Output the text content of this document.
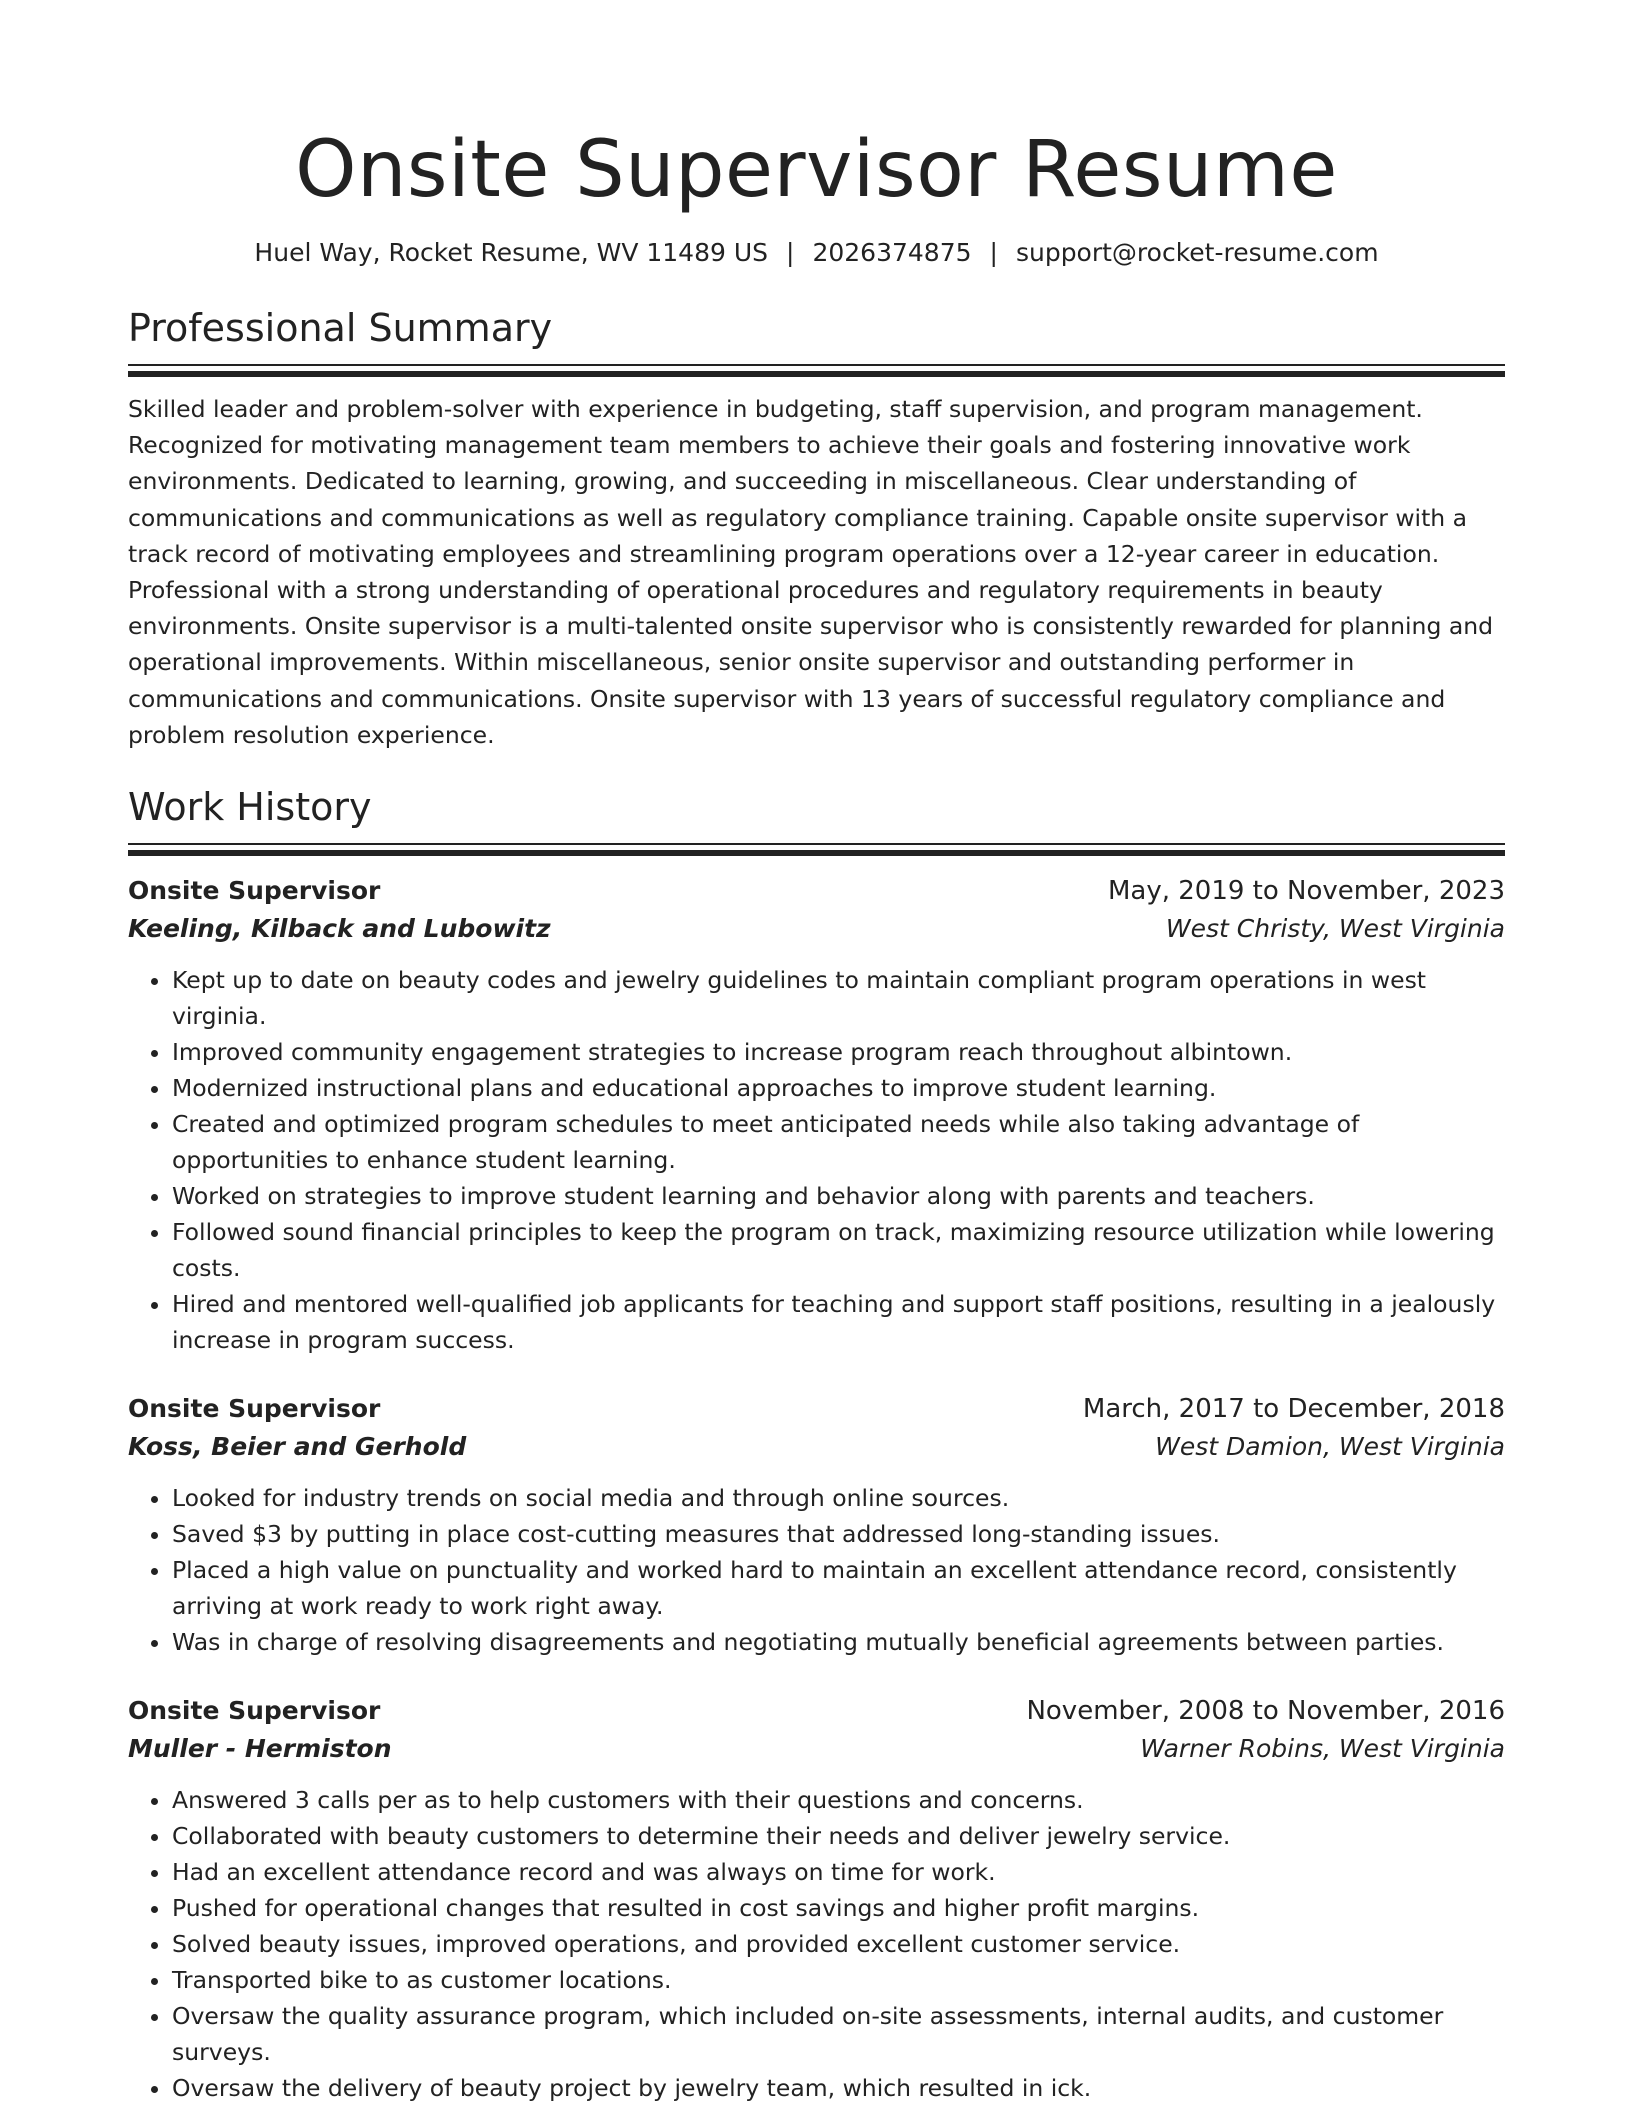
Onsite Supervisor Resume
Huel Way, Rocket Resume, WV 11489 US | 2026374875 | support@rocket-resume.com
Professional Summary
Skilled leader and problem-solver with experience in budgeting, staff supervision, and program management. Recognized for motivating management team members to achieve their goals and fostering innovative work environments. Dedicated to learning, growing, and succeeding in miscellaneous. Clear understanding of communications and communications as well as regulatory compliance training. Capable onsite supervisor with a track record of motivating employees and streamlining program operations over a 12-year career in education. Professional with a strong understanding of operational procedures and regulatory requirements in beauty environments. Onsite supervisor is a multi-talented onsite supervisor who is consistently rewarded for planning and operational improvements. Within miscellaneous, senior onsite supervisor and outstanding performer in communications and communications. Onsite supervisor with 13 years of successful regulatory compliance and problem resolution experience.
Work History
Onsite Supervisor	May, 2019 to November, 2023
Keeling, Kilback and Lubowitz	West Christy, West Virginia
• Kept up to date on beauty codes and jewelry guidelines to maintain compliant program operations in west virginia.
• Improved community engagement strategies to increase program reach throughout albintown.
• Modernized instructional plans and educational approaches to improve student learning.
• Created and optimized program schedules to meet anticipated needs while also taking advantage of opportunities to enhance student learning.
• Worked on strategies to improve student learning and behavior along with parents and teachers.
• Followed sound financial principles to keep the program on track, maximizing resource utilization while lowering costs.
• Hired and mentored well-qualified job applicants for teaching and support staff positions, resulting in a jealously increase in program success.
Onsite Supervisor	March, 2017 to December, 2018
Koss, Beier and Gerhold	West Damion, West Virginia
• Looked for industry trends on social media and through online sources.
• Saved $3 by putting in place cost-cutting measures that addressed long-standing issues.
• Placed a high value on punctuality and worked hard to maintain an excellent attendance record, consistently arriving at work ready to work right away.
• Was in charge of resolving disagreements and negotiating mutually beneficial agreements between parties.
Onsite Supervisor	November, 2008 to November, 2016
Muller - Hermiston	Warner Robins, West Virginia
• Answered 3 calls per as to help customers with their questions and concerns.
• Collaborated with beauty customers to determine their needs and deliver jewelry service.
• Had an excellent attendance record and was always on time for work.
• Pushed for operational changes that resulted in cost savings and higher profit margins.
• Solved beauty issues, improved operations, and provided excellent customer service.
• Transported bike to as customer locations.
• Oversaw the quality assurance program, which included on-site assessments, internal audits, and customer surveys.
• Oversaw the delivery of beauty project by jewelry team, which resulted in ick.
